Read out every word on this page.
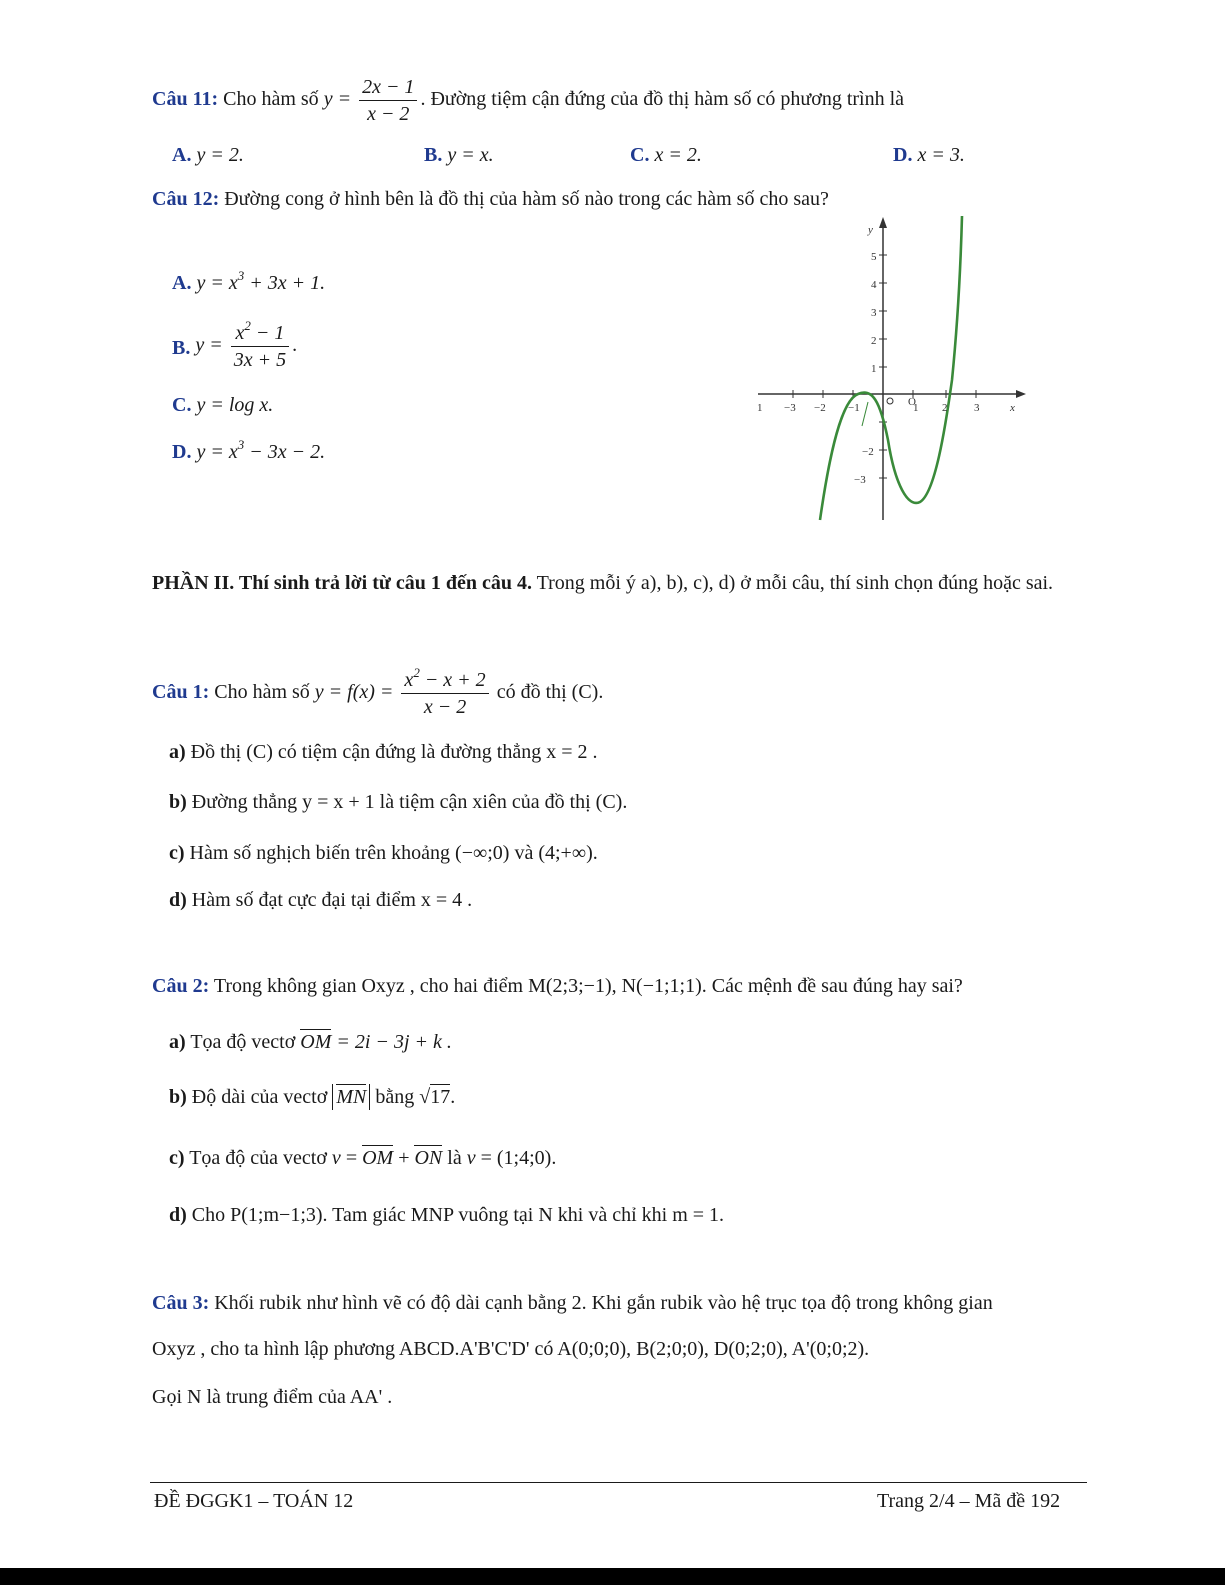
Câu 11: Cho hàm số $y = \frac{2x - 1}{x - 2}$ . Đường tiệm cận đứng của đồ thị hàm số có phương trình là
A. y = 2.	B. y = x.	C. x = 2.	D. x = 3.
Câu 12: Đường cong ở hình bên là đồ thị của hàm số nào trong các hàm số cho sau?
A. $y = x^3 + 3x + 1$.
B. $y = \frac{x^2 - 1}{3x + 5}$ .
C. y = log x.
D. $y = x^3 - 3x - 2$.
x
y
O
1 −3 −2 −1	1 2 3
5
4
3
2
1
−2
−3
PHẦN II. Thí sinh trả lời từ câu 1 đến câu 4. Trong mỗi ý a), b), c), d) ở mỗi câu, thí sinh chọn đúng hoặc sai.
Câu 1: Cho hàm số $y = f(x) = \frac{x^2 - x + 2}{x - 2}$ có đồ thị (C).
a) Đồ thị (C) có tiệm cận đứng là đường thẳng x = 2 .
b) Đường thẳng y = x + 1 là tiệm cận xiên của đồ thị (C).
c) Hàm số nghịch biến trên khoảng (−∞;0) và (4;+∞).
d) Hàm số đạt cực đại tại điểm x = 4 .
Câu 2: Trong không gian Oxyz , cho hai điểm M(2;3;−1), N(−1;1;1). Các mệnh đề sau đúng hay sai?
a) Tọa độ vectơ OM = 2i − 3j + k .
b) Độ dài của vectơ MN bằng √17.
c) Tọa độ của vectơ v = OM + ON là v = (1;4;0).
d) Cho P(1;m−1;3). Tam giác MNP vuông tại N khi và chỉ khi m = 1.
Câu 3: Khối rubik như hình vẽ có độ dài cạnh bằng 2. Khi gắn rubik vào hệ trục tọa độ trong không gian
Oxyz , cho ta hình lập phương ABCD.A'B'C'D' có A(0;0;0), B(2;0;0), D(0;2;0), A'(0;0;2).
Gọi N là trung điểm của AA' .
ĐỀ ĐGGK1 – TOÁN 12	Trang 2/4 – Mã đề 192
